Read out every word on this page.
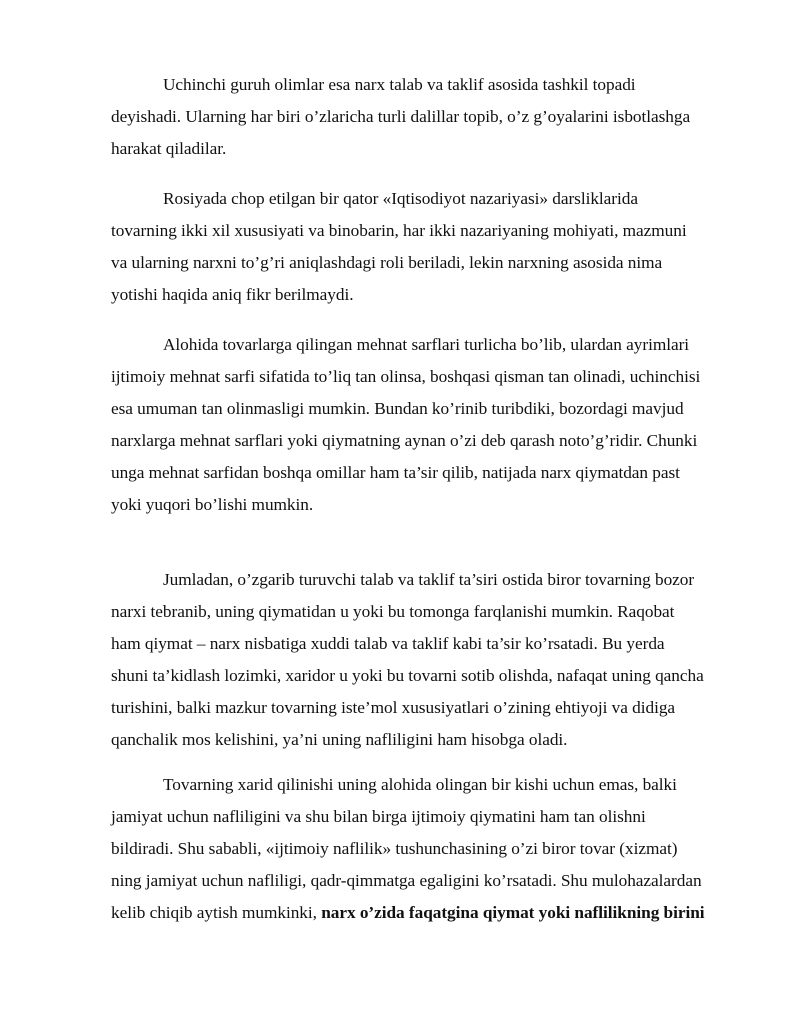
Uchinchi guruh olimlar esa narx talab va taklif asosida tashkil topadi
deyishadi. Ularning har biri o’zlaricha turli dalillar topib, o’z g’oyalarini isbotlashga
harakat qiladilar.
Rosiyada chop etilgan bir qator «Iqtisodiyot nazariyasi» darsliklarida
tovarning ikki xil xususiyati va binobarin, har ikki nazariyaning mohiyati, mazmuni
va ularning narxni to’g’ri aniqlashdagi roli beriladi, lekin narxning asosida nima
yotishi haqida aniq fikr berilmaydi.
Alohida tovarlarga qilingan mehnat sarflari turlicha bo’lib, ulardan ayrimlari
ijtimoiy mehnat sarfi sifatida to’liq tan olinsa, boshqasi qisman tan olinadi, uchinchisi
esa umuman tan olinmasligi mumkin. Bundan ko’rinib turibdiki, bozordagi mavjud
narxlarga mehnat sarflari yoki qiymatning aynan o’zi deb qarash noto’g’ridir. Chunki
unga mehnat sarfidan boshqa omillar ham ta’sir qilib, natijada narx qiymatdan past
yoki yuqori bo’lishi mumkin.
Jumladan, o’zgarib turuvchi talab va taklif ta’siri ostida biror tovarning bozor
narxi tebranib, uning qiymatidan u yoki bu tomonga farqlanishi mumkin. Raqobat
ham qiymat – narx nisbatiga xuddi talab va taklif kabi ta’sir ko’rsatadi. Bu yerda
shuni ta’kidlash lozimki, xaridor u yoki bu tovarni sotib olishda, nafaqat uning qancha
turishini, balki mazkur tovarning iste’mol xususiyatlari o’zining ehtiyoji va didiga
qanchalik mos kelishini, ya’ni uning nafliligini ham hisobga oladi.
Tovarning xarid qilinishi uning alohida olingan bir kishi uchun emas, balki
jamiyat uchun nafliligini va shu bilan birga ijtimoiy qiymatini ham tan olishni
bildiradi. Shu sababli, «ijtimoiy naflilik» tushunchasining o’zi biror tovar (xizmat)
ning jamiyat uchun nafliligi, qadr-qimmatga egaligini ko’rsatadi. Shu mulohazalardan
kelib chiqib aytish mumkinki, narx o’zida faqatgina qiymat yoki naflilikning birini
